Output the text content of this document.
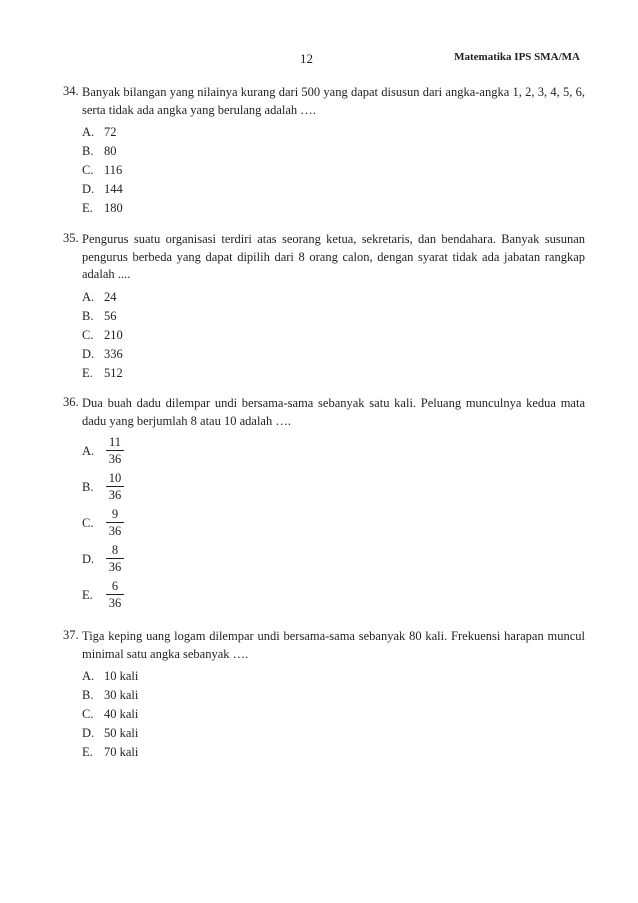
12	Matematika IPS SMA/MA
34. Banyak bilangan yang nilainya kurang dari 500 yang dapat disusun dari angka-angka 1, 2, 3, 4, 5, 6, serta tidak ada angka yang berulang adalah ….
A. 72
B. 80
C. 116
D. 144
E. 180
35. Pengurus suatu organisasi terdiri atas seorang ketua, sekretaris, dan bendahara. Banyak susunan pengurus berbeda yang dapat dipilih dari 8 orang calon, dengan syarat tidak ada jabatan rangkap adalah ....
A. 24
B. 56
C. 210
D. 336
E. 512
36. Dua buah dadu dilempar undi bersama-sama sebanyak satu kali. Peluang munculnya kedua mata dadu yang berjumlah 8 atau 10 adalah ….
A. $\frac{11}{36}$
B.	$\frac{10}{36}$
C.	$\frac{9}{36}$
D. $\frac{8}{36}$
E.	$\frac{6}{36}$
37. Tiga keping uang logam dilempar undi bersama-sama sebanyak 80 kali. Frekuensi harapan muncul minimal satu angka sebanyak ….
A. 10 kali
B. 30 kali
C. 40 kali
D. 50 kali
E. 70 kali
